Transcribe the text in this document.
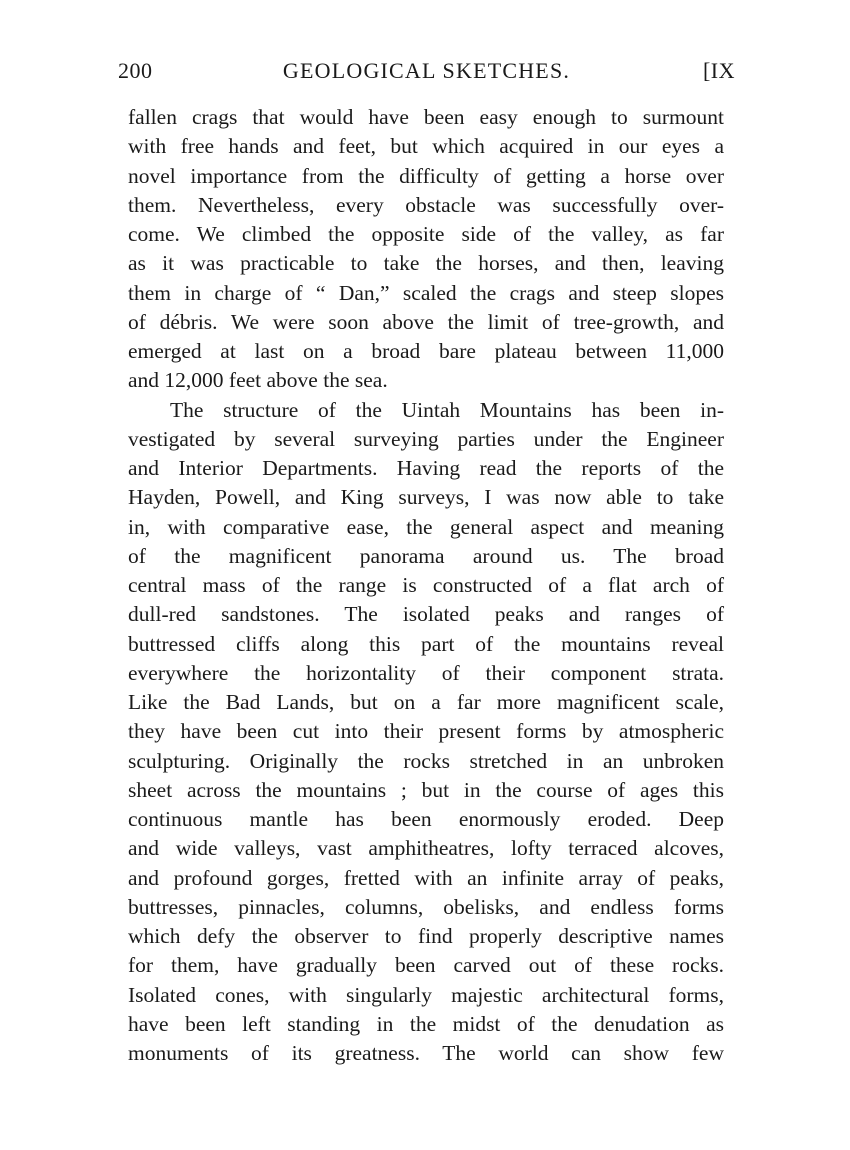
200	GEOLOGICAL SKETCHES.	[IX
fallen crags that would have been easy enough to surmount
with free hands and feet, but which acquired in our eyes a
novel importance from the difficulty of getting a horse over
them. Nevertheless, every obstacle was successfully over-
come. We climbed the opposite side of the valley, as far
as it was practicable to take the horses, and then, leaving
them in charge of “ Dan,” scaled the crags and steep slopes
of débris. We were soon above the limit of tree-growth, and
emerged at last on a broad bare plateau between 11,000
and 12,000 feet above the sea.
The structure of the Uintah Mountains has been in-
vestigated by several surveying parties under the Engineer
and Interior Departments. Having read the reports of the
Hayden, Powell, and King surveys, I was now able to take
in, with comparative ease, the general aspect and meaning
of the magnificent panorama around us. The broad
central mass of the range is constructed of a flat arch of
dull-red sandstones. The isolated peaks and ranges of
buttressed cliffs along this part of the mountains reveal
everywhere the horizontality of their component strata.
Like the Bad Lands, but on a far more magnificent scale,
they have been cut into their present forms by atmospheric
sculpturing. Originally the rocks stretched in an unbroken
sheet across the mountains ; but in the course of ages this
continuous mantle has been enormously eroded. Deep
and wide valleys, vast amphitheatres, lofty terraced alcoves,
and profound gorges, fretted with an infinite array of peaks,
buttresses, pinnacles, columns, obelisks, and endless forms
which defy the observer to find properly descriptive names
for them, have gradually been carved out of these rocks.
Isolated cones, with singularly majestic architectural forms,
have been left standing in the midst of the denudation as
monuments of its greatness. The world can show few
